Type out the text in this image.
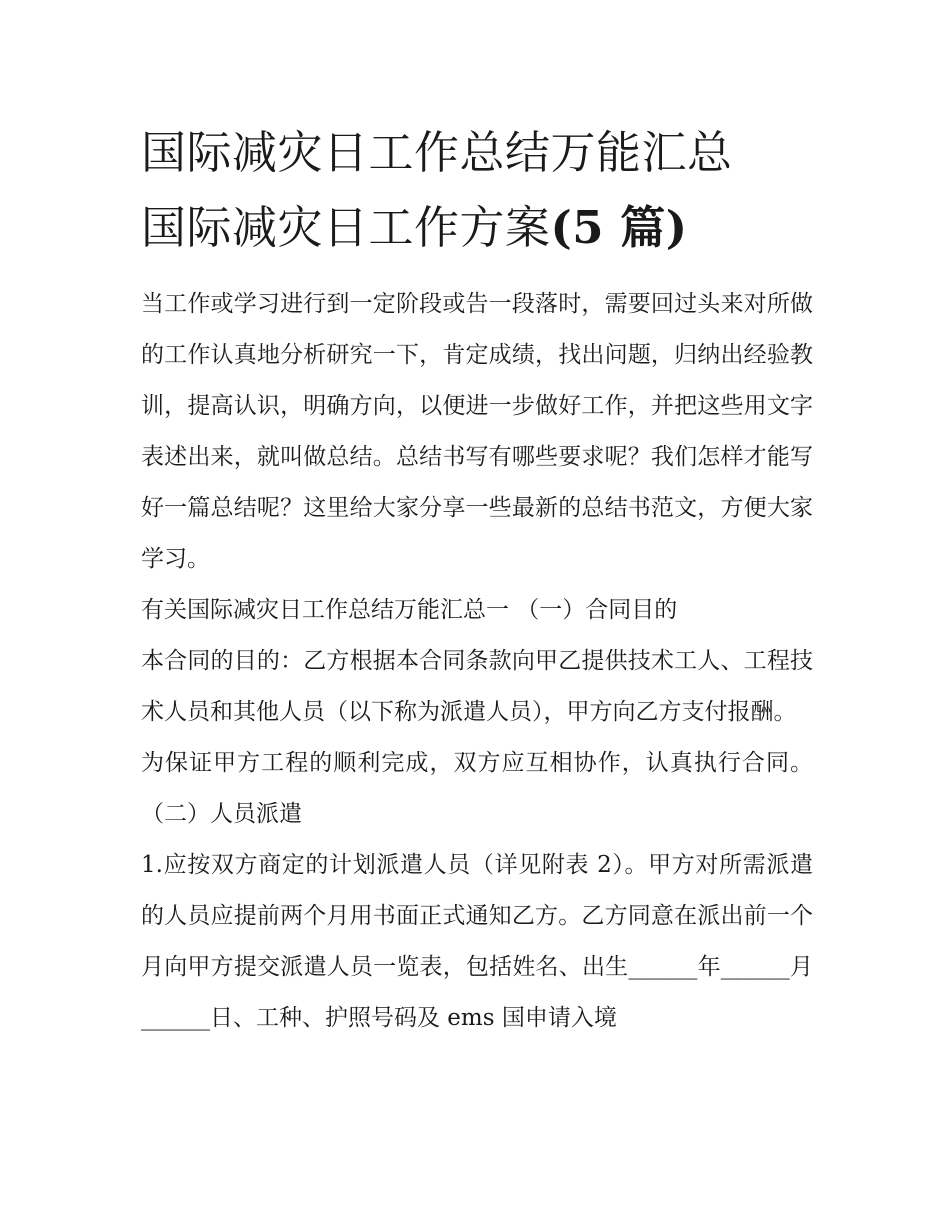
国际减灾日工作总结万能汇总
国际减灾日工作方案(5 篇)

当工作或学习进行到一定阶段或告一段落时，需要回过头来对所做的工作认真地分析研究一下，肯定成绩，找出问题，归纳出经验教训，提高认识，明确方向，以便进一步做好工作，并把这些用文字表述出来，就叫做总结。总结书写有哪些要求呢？我们怎样才能写好一篇总结呢？这里给大家分享一些最新的总结书范文，方便大家学习。

有关国际减灾日工作总结万能汇总一 （一）合同目的

本合同的目的：乙方根据本合同条款向甲乙提供技术工人、工程技术人员和其他人员（以下称为派遣人员），甲方向乙方支付报酬。

为保证甲方工程的顺利完成，双方应互相协作，认真执行合同。 （二）人员派遣

1.应按双方商定的计划派遣人员（详见附表 2）。甲方对所需派遣的人员应提前两个月用书面正式通知乙方。乙方同意在派出前一个月向甲方提交派遣人员一览表，包括姓名、出生______年______月______日、工种、护照号码及 ems 国申请入境
